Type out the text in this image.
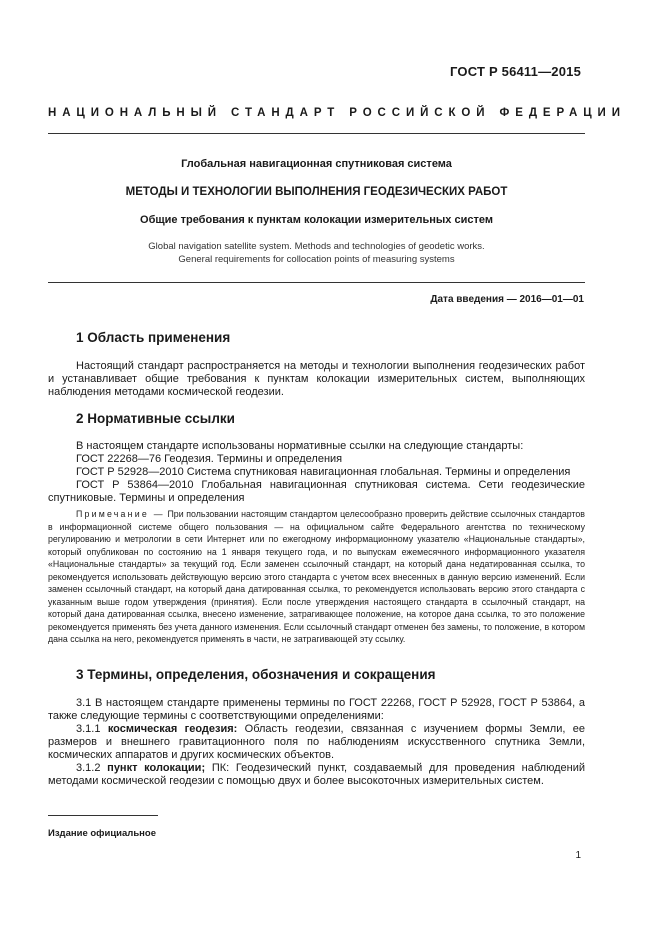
ГОСТ Р 56411—2015
НАЦИОНАЛЬНЫЙ СТАНДАРТ РОССИЙСКОЙ ФЕДЕРАЦИИ
Глобальная навигационная спутниковая система
МЕТОДЫ И ТЕХНОЛОГИИ ВЫПОЛНЕНИЯ ГЕОДЕЗИЧЕСКИХ РАБОТ
Общие требования к пунктам колокации измерительных систем
Global navigation satellite system. Methods and technologies of geodetic works.
General requirements for collocation points of measuring systems
Дата введения — 2016—01—01
1 Область применения

Настоящий стандарт распространяется на методы и технологии выполнения геодезических работ и устанавливает общие требования к пунктам колокации измерительных систем, выполняющих наблюдения методами космической геодезии.

2 Нормативные ссылки

В настоящем стандарте использованы нормативные ссылки на следующие стандарты:

ГОСТ 22268—76 Геодезия. Термины и определения

ГОСТ Р 52928—2010 Система спутниковая навигационная глобальная. Термины и определения

ГОСТ Р 53864—2010 Глобальная навигационная спутниковая система. Сети геодезические спутниковые. Термины и определения

Примечание — При пользовании настоящим стандартом целесообразно проверить действие ссылочных стандартов в информационной системе общего пользования — на официальном сайте Федерального агентства по техническому регулированию и метрологии в сети Интернет или по ежегодному информационному указателю «Национальные стандарты», который опубликован по состоянию на 1 января текущего года, и по выпускам ежемесячного информационного указателя «Национальные стандарты» за текущий год. Если заменен ссылочный стандарт, на который дана недатированная ссылка, то рекомендуется использовать действующую версию этого стандарта с учетом всех внесенных в данную версию изменений. Если заменен ссылочный стандарт, на который дана датированная ссылка, то рекомендуется использовать версию этого стандарта с указанным выше годом утверждения (принятия). Если после утверждения настоящего стандарта в ссылочный стандарт, на который дана датированная ссылка, внесено изменение, затрагивающее положение, на которое дана ссылка, то это положение рекомендуется применять без учета данного изменения. Если ссылочный стандарт отменен без замены, то положение, в котором дана ссылка на него, рекомендуется применять в части, не затрагивающей эту ссылку.

3 Термины, определения, обозначения и сокращения

3.1 В настоящем стандарте применены термины по ГОСТ 22268, ГОСТ Р 52928, ГОСТ Р 53864, а также следующие термины с соответствующими определениями:

3.1.1 космическая геодезия: Область геодезии, связанная с изучением формы Земли, ее размеров и внешнего гравитационного поля по наблюдениям искусственного спутника Земли, космических аппаратов и других космических объектов.

3.1.2 пункт колокации; ПК: Геодезический пункт, создаваемый для проведения наблюдений методами космической геодезии с помощью двух и более высокоточных измерительных систем.

Издание официальное
1
